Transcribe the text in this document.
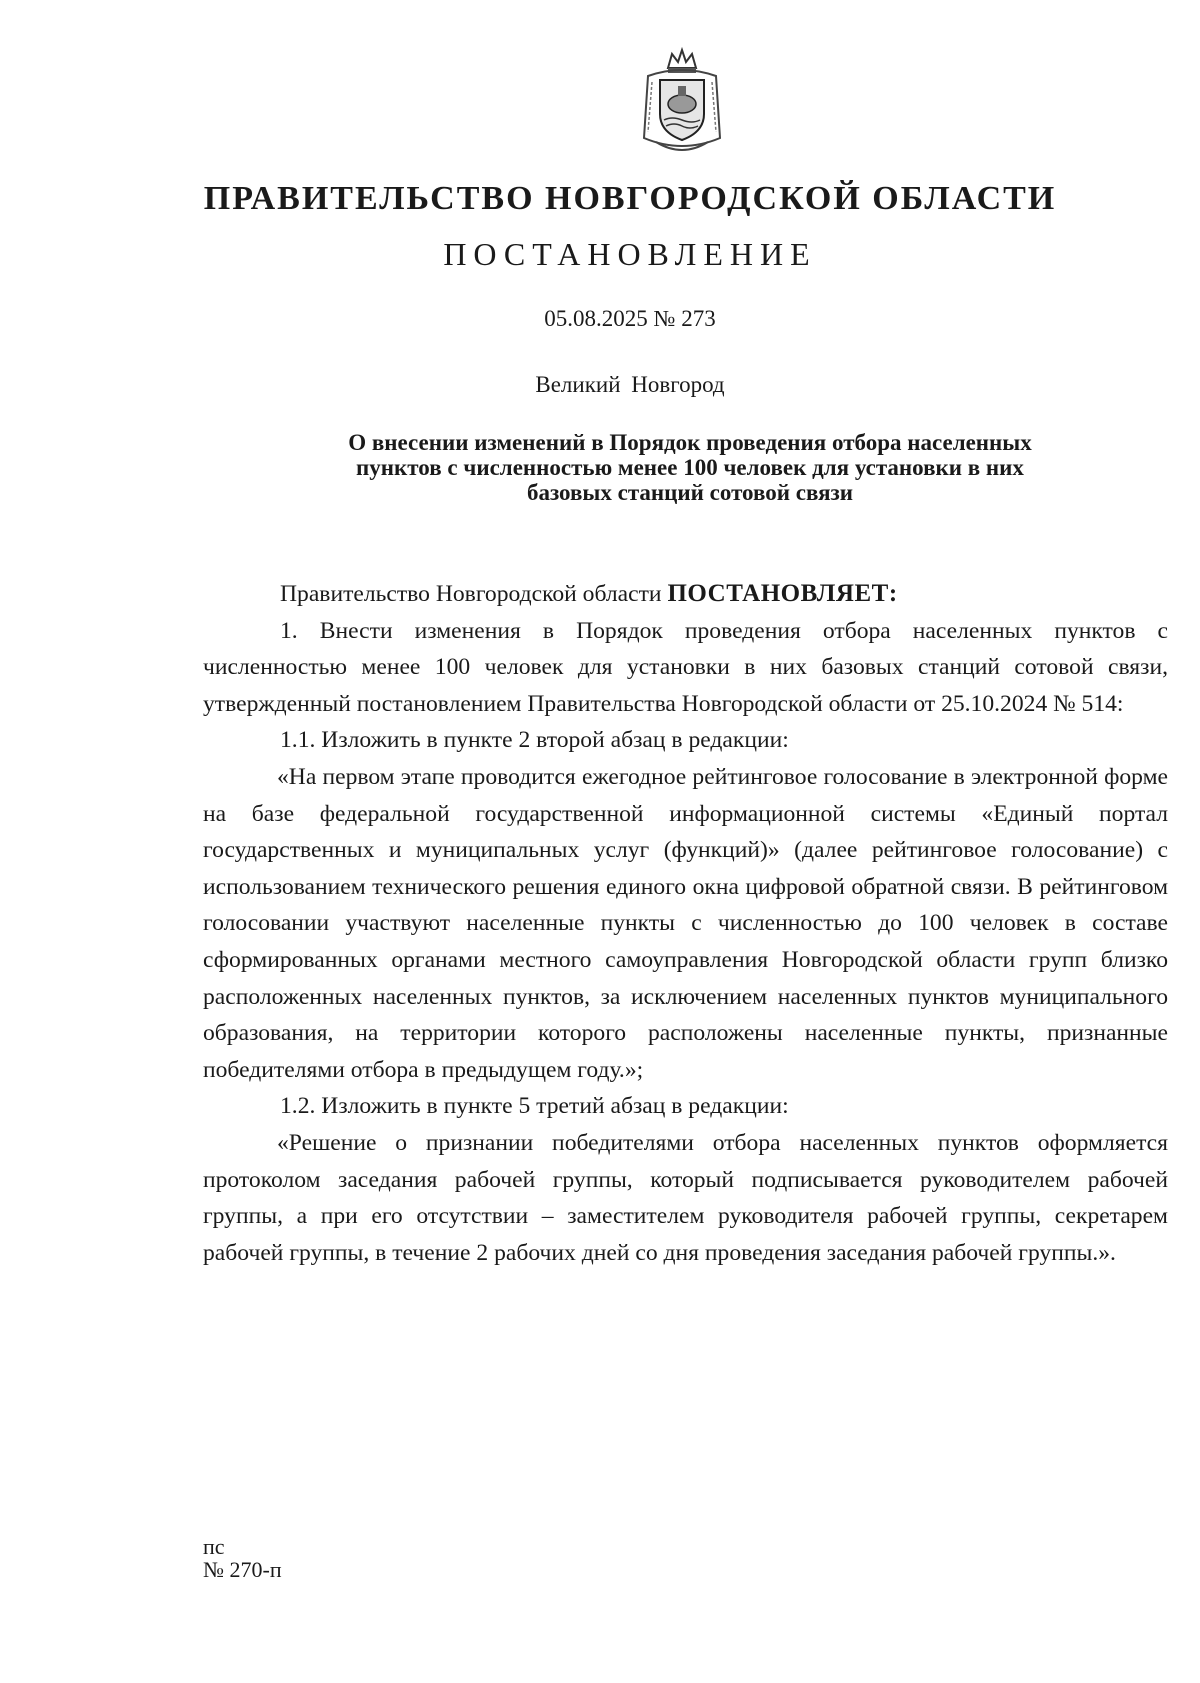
ПРАВИТЕЛЬСТВО НОВГОРОДСКОЙ ОБЛАСТИ
ПОСТАНОВЛЕНИЕ
05.08.2025 № 273
Великий Новгород
О внесении изменений в Порядок проведения отбора населенных
пунктов с численностью менее 100 человек для установки в них
базовых станций сотовой связи

Правительство Новгородской области ПОСТАНОВЛЯЕТ:

1. Внести изменения в Порядок проведения отбора населенных пунктов с численностью менее 100 человек для установки в них базовых станций сотовой связи, утвержденный постановлением Правительства Новгородской области от 25.10.2024 № 514:

1.1. Изложить в пункте 2 второй абзац в редакции:

«На первом этапе проводится ежегодное рейтинговое голосование в электронной форме на базе федеральной государственной информационной системы «Единый портал государственных и муниципальных услуг (функций)» (далее рейтинговое голосование) с использованием технического решения единого окна цифровой обратной связи. В рейтинговом голосовании участвуют населенные пункты с численностью до 100 человек в составе сформированных органами местного самоуправления Новгородской области групп близко расположенных населенных пунктов, за исключением населенных пунктов муниципального образования, на территории которого расположены населенные пункты, признанные победителями отбора в предыдущем году.»;

1.2. Изложить в пункте 5 третий абзац в редакции:

«Решение о признании победителями отбора населенных пунктов оформляется протоколом заседания рабочей группы, который подписывается руководителем рабочей группы, а при его отсутствии – заместителем руководителя рабочей группы, секретарем рабочей группы, в течение 2 рабочих дней со дня проведения заседания рабочей группы.».

пс
№ 270-п
